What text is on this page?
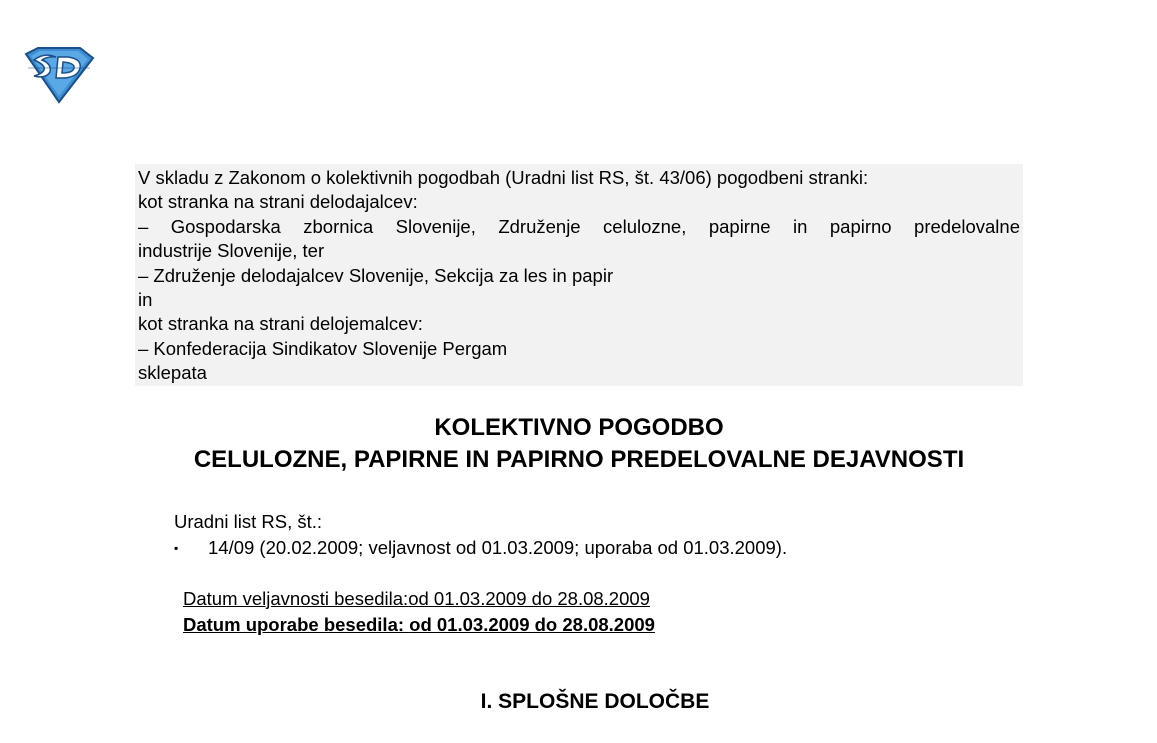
V skladu z Zakonom o kolektivnih pogodbah (Uradni list RS, št. 43/06) pogodbeni stranki:

kot stranka na strani delodajalcev:

– Gospodarska zbornica Slovenije, Združenje celulozne, papirne in papirno predelovalne

industrije Slovenije, ter

– Združenje delodajalcev Slovenije, Sekcija za les in papir

in

kot stranka na strani delojemalcev:

– Konfederacija Sindikatov Slovenije Pergam

sklepata

KOLEKTIVNO POGODBO
CELULOZNE, PAPIRNE IN PAPIRNO PREDELOVALNE DEJAVNOSTI
Uradni list RS, št.:
▪ 14/09 (20.02.2009; veljavnost od 01.03.2009; uporaba od 01.03.2009).
Datum veljavnosti besedila:od 01.03.2009 do 28.08.2009
Datum uporabe besedila: od 01.03.2009 do 28.08.2009
I. SPLOŠNE DOLOČBE
